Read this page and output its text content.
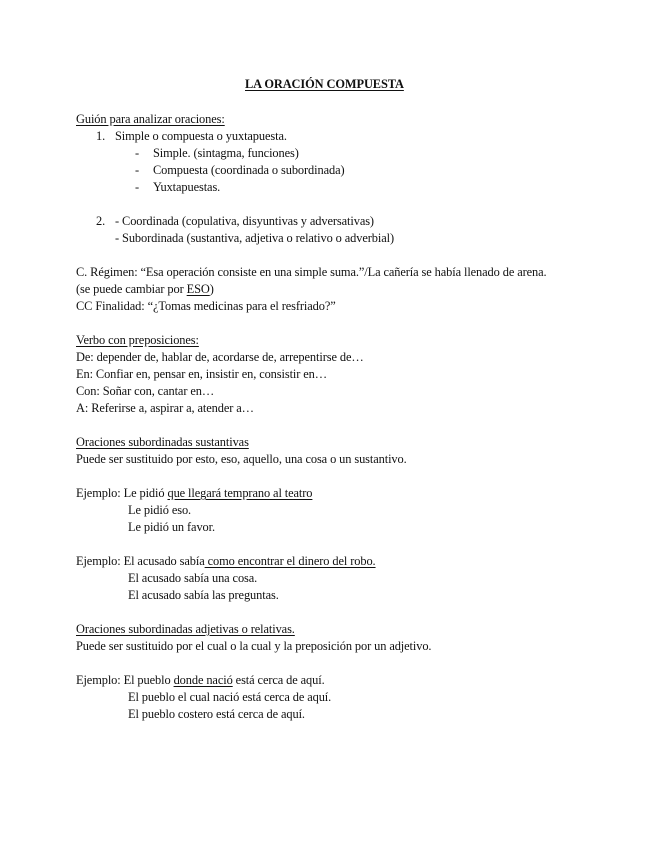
LA ORACIÓN COMPUESTA
Guión para analizar oraciones:
1. Simple o compuesta o yuxtapuesta.
- Simple. (sintagma, funciones)
- Compuesta (coordinada o subordinada)
- Yuxtapuestas.
2. - Coordinada (copulativa, disyuntivas y adversativas)
- Subordinada (sustantiva, adjetiva o relativo o adverbial)
C. Régimen: “Esa operación consiste en una simple suma.”/La cañería se había llenado de arena.
(se puede cambiar por ESO)
CC Finalidad: “¿Tomas medicinas para el resfriado?”
Verbo con preposiciones:
De: depender de, hablar de, acordarse de, arrepentirse de…
En: Confiar en, pensar en, insistir en, consistir en…
Con: Soñar con, cantar en…
A: Referirse a, aspirar a, atender a…
Oraciones subordinadas sustantivas
Puede ser sustituido por esto, eso, aquello, una cosa o un sustantivo.
Ejemplo: Le pidió que llegará temprano al teatro
Le pidió eso.
Le pidió un favor.
Ejemplo: El acusado sabía como encontrar el dinero del robo.
El acusado sabía una cosa.
El acusado sabía las preguntas.
Oraciones subordinadas adjetivas o relativas.
Puede ser sustituido por el cual o la cual y la preposición por un adjetivo.
Ejemplo: El pueblo donde nació está cerca de aquí.
El pueblo el cual nació está cerca de aquí.
El pueblo costero está cerca de aquí.
